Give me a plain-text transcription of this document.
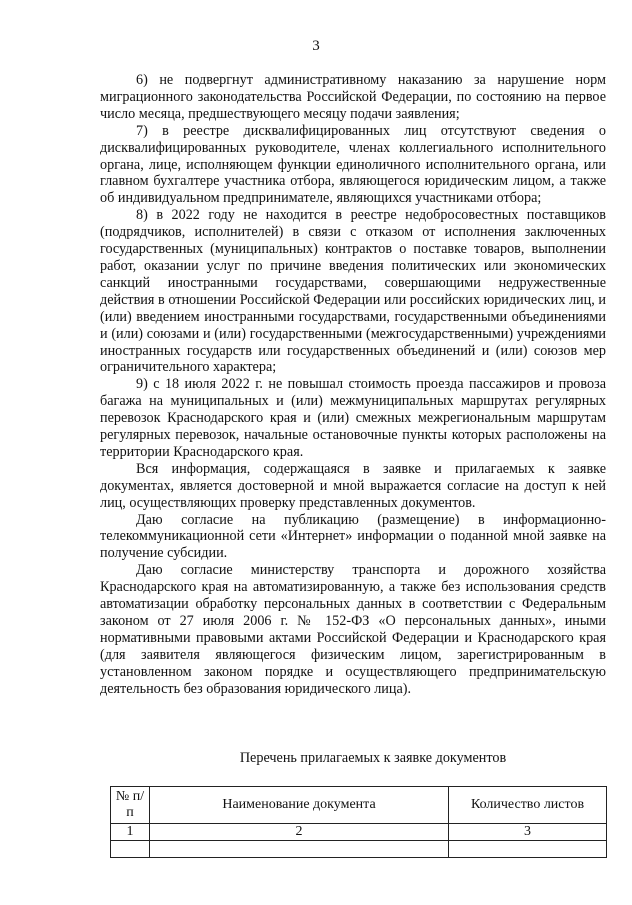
3

6) не подвергнут административному наказанию за нарушение норм миграционного законодательства Российской Федерации, по состоянию на первое число месяца, предшествующего месяцу подачи заявления;

7) в реестре дисквалифицированных лиц отсутствуют сведения о дисквалифицированных руководителе, членах коллегиального исполнительного органа, лице, исполняющем функции единоличного исполнительного органа, или главном бухгалтере участника отбора, являющегося юридическим лицом, а также об индивидуальном предпринимателе, являющихся участниками отбора;

8) в 2022 году не находится в реестре недобросовестных поставщиков (подрядчиков, исполнителей) в связи с отказом от исполнения заключенных государственных (муниципальных) контрактов о поставке товаров, выполнении работ, оказании услуг по причине введения политических или экономических санкций иностранными государствами, совершающими недружественные действия в отношении Российской Федерации или российских юридических лиц, и (или) введением иностранными государствами, государственными объединениями и (или) союзами и (или) государственными (межгосударственными) учреждениями иностранных государств или государственных объединений и (или) союзов мер ограничительного характера;

9) с 18 июля 2022 г. не повышал стоимость проезда пассажиров и провоза багажа на муниципальных и (или) межмуниципальных маршрутах регулярных перевозок Краснодарского края и (или) смежных межрегиональным маршрутам регулярных перевозок, начальные остановочные пункты которых расположены на территории Краснодарского края.

Вся информация, содержащаяся в заявке и прилагаемых к заявке документах, является достоверной и мной выражается согласие на доступ к ней лиц, осуществляющих проверку представленных документов.

Даю согласие на публикацию (размещение) в информационно-телекоммуникационной сети «Интернет» информации о поданной мной заявке на получение субсидии.

Даю согласие министерству транспорта и дорожного хозяйства Краснодарского края на автоматизированную, а также без использования средств автоматизации обработку персональных данных в соответствии с Федеральным законом от 27 июля 2006 г. № 152-ФЗ «О персональных данных», иными нормативными правовыми актами Российской Федерации и Краснодарского края (для заявителя являющегося физическим лицом, зарегистрированным в установленном законом порядке и осуществляющего предпринимательскую деятельность без образования юридического лица).

Перечень прилагаемых к заявке документов
№ п/п	Наименование документа	Количество листов
1	2	3
